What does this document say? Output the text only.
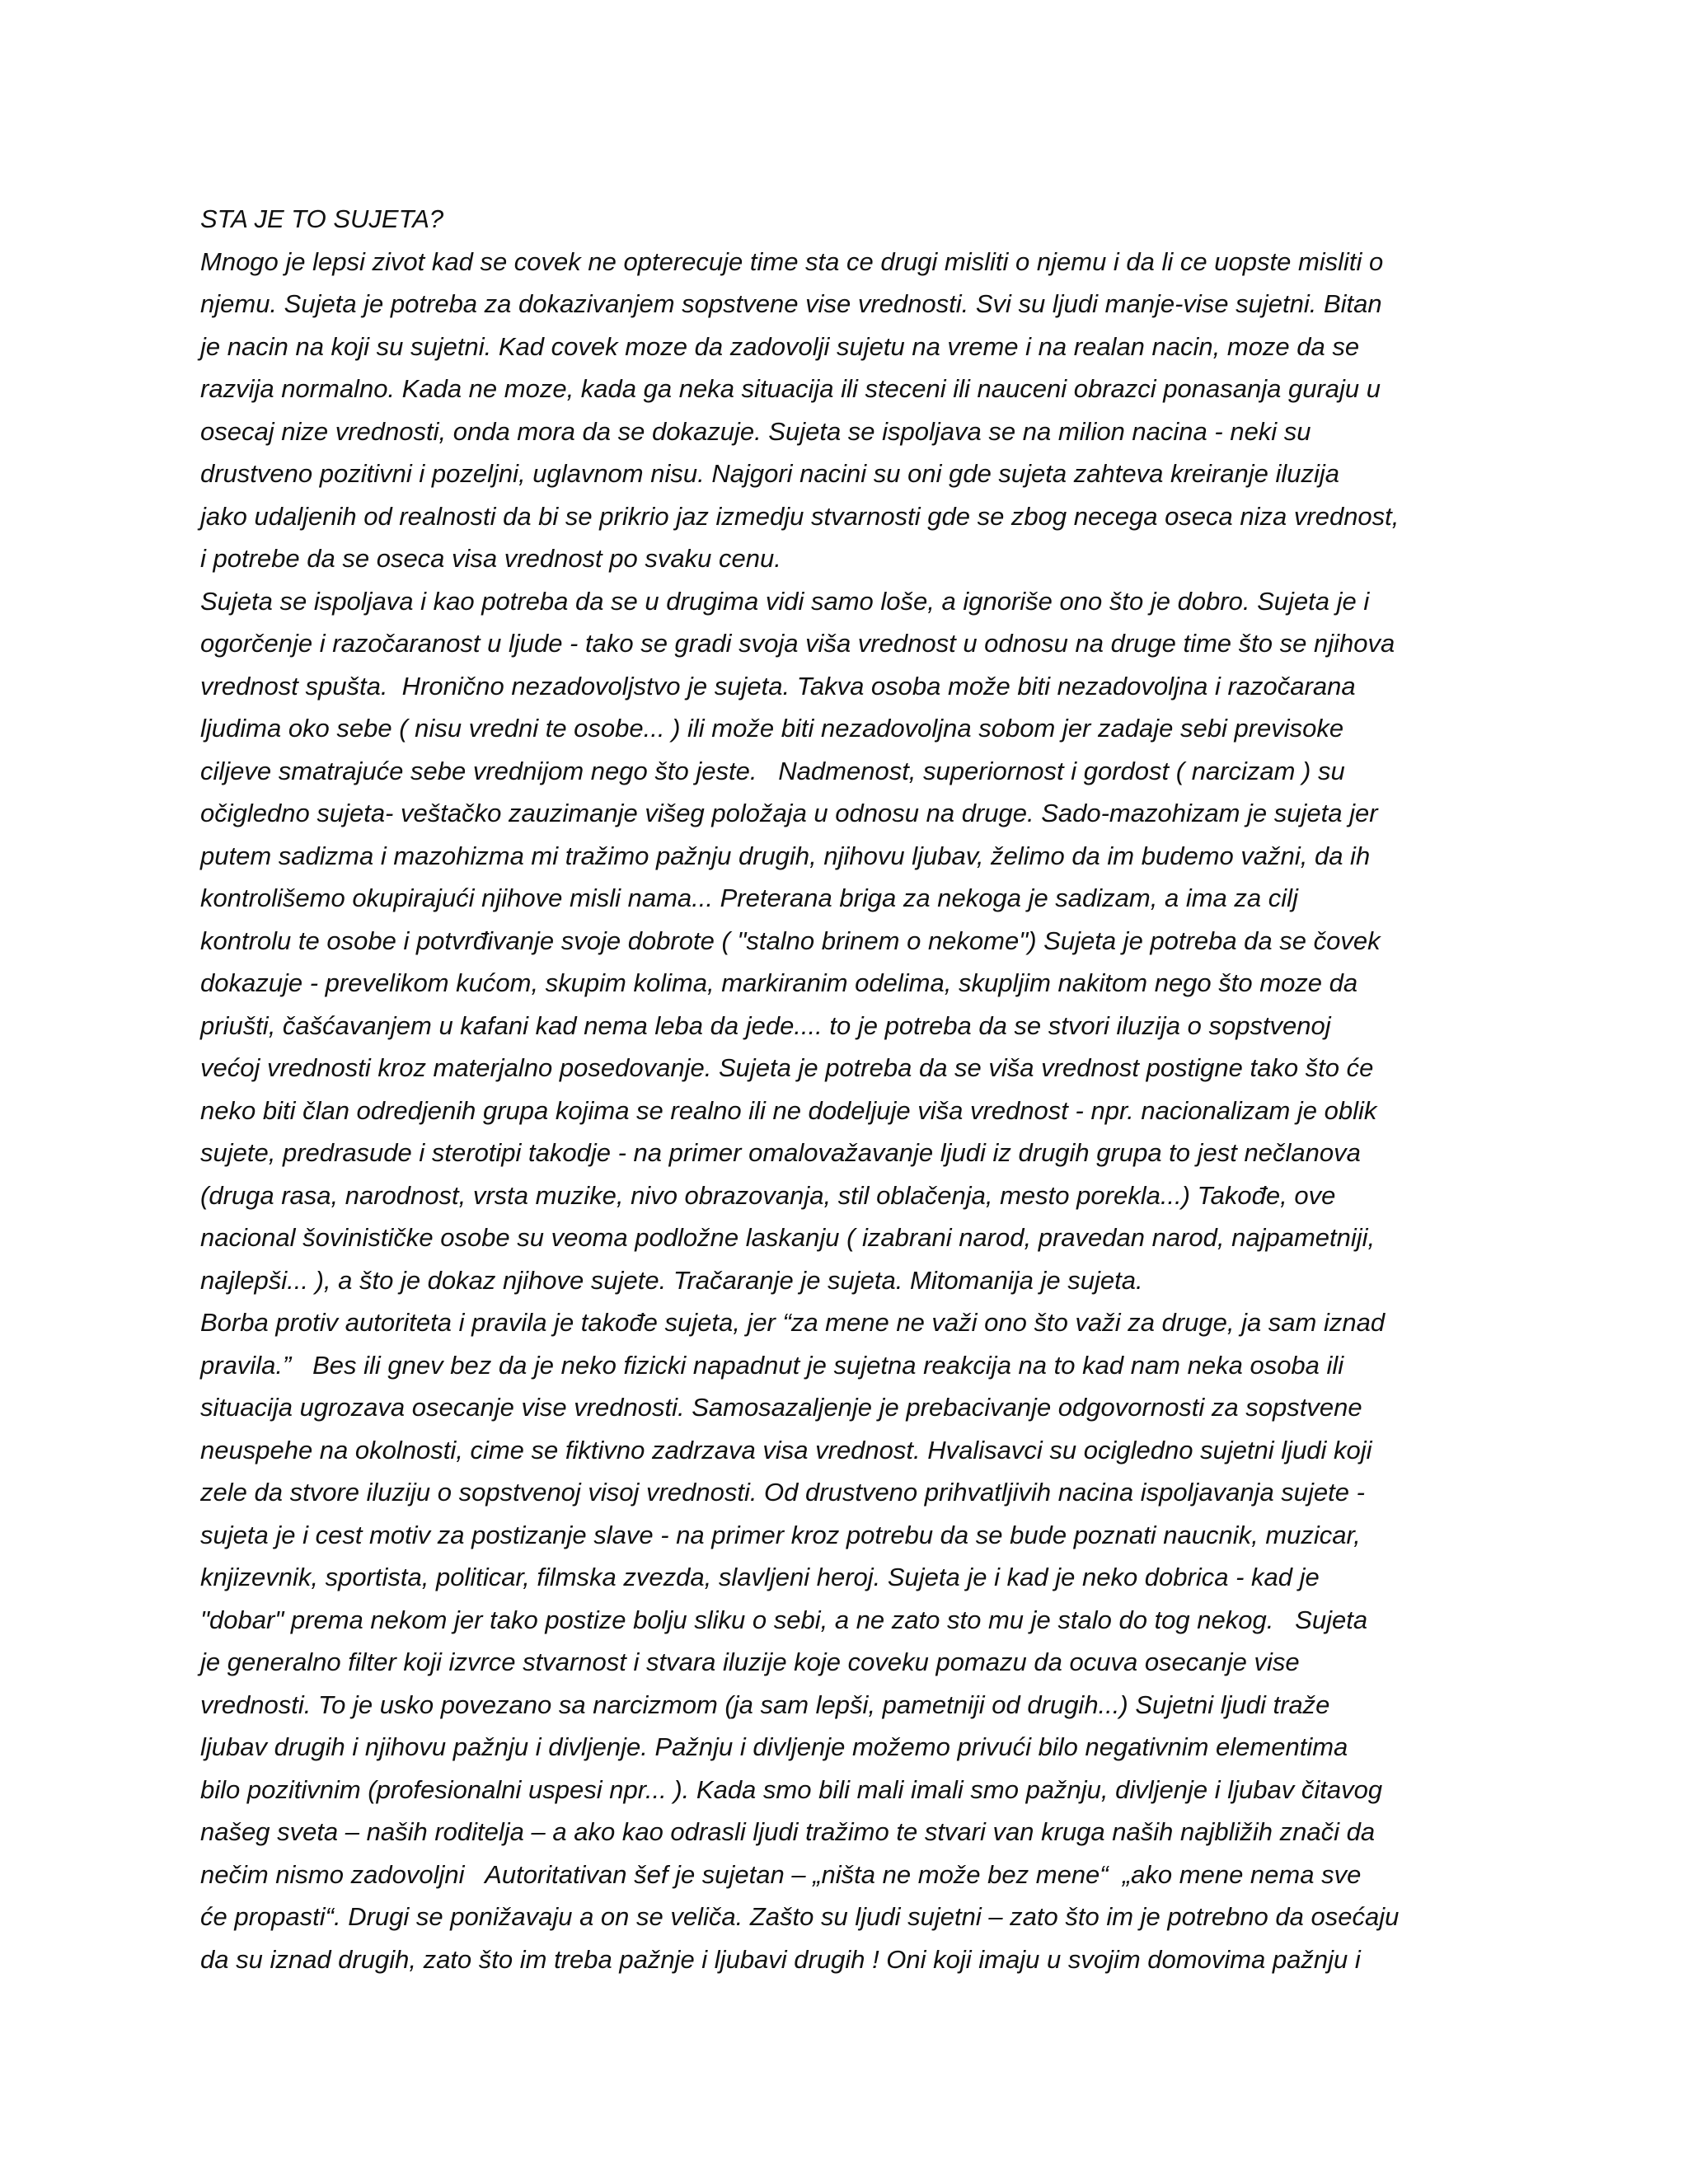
STA JE TO SUJETA?
Mnogo je lepsi zivot kad se covek ne opterecuje time sta ce drugi misliti o njemu i da li ce uopste misliti o
njemu. Sujeta je potreba za dokazivanjem sopstvene vise vrednosti. Svi su ljudi manje-vise sujetni. Bitan
je nacin na koji su sujetni. Kad covek moze da zadovolji sujetu na vreme i na realan nacin, moze da se
razvija normalno. Kada ne moze, kada ga neka situacija ili steceni ili nauceni obrazci ponasanja guraju u
osecaj nize vrednosti, onda mora da se dokazuje. Sujeta se ispoljava se na milion nacina - neki su
drustveno pozitivni i pozeljni, uglavnom nisu. Najgori nacini su oni gde sujeta zahteva kreiranje iluzija
jako udaljenih od realnosti da bi se prikrio jaz izmedju stvarnosti gde se zbog necega oseca niza vrednost,
i potrebe da se oseca visa vrednost po svaku cenu.
Sujeta se ispoljava i kao potreba da se u drugima vidi samo loše, a ignoriše ono što je dobro. Sujeta je i
ogorčenje i razočaranost u ljude - tako se gradi svoja viša vrednost u odnosu na druge time što se njihova
vrednost spušta.  Hronično nezadovoljstvo je sujeta. Takva osoba može biti nezadovoljna i razočarana
ljudima oko sebe ( nisu vredni te osobe... ) ili može biti nezadovoljna sobom jer zadaje sebi previsoke
ciljeve smatrajuće sebe vrednijom nego što jeste.   Nadmenost, superiornost i gordost ( narcizam ) su
očigledno sujeta- veštačko zauzimanje višeg položaja u odnosu na druge. Sado-mazohizam je sujeta jer
putem sadizma i mazohizma mi tražimo pažnju drugih, njihovu ljubav, želimo da im budemo važni, da ih
kontrolišemo okupirajući njihove misli nama... Preterana briga za nekoga je sadizam, a ima za cilj
kontrolu te osobe i potvrđivanje svoje dobrote ( "stalno brinem o nekome") Sujeta je potreba da se čovek
dokazuje - prevelikom kućom, skupim kolima, markiranim odelima, skupljim nakitom nego što moze da
priušti, čašćavanjem u kafani kad nema leba da jede.... to je potreba da se stvori iluzija o sopstvenoj
većoj vrednosti kroz materjalno posedovanje. Sujeta je potreba da se viša vrednost postigne tako što će
neko biti član odredjenih grupa kojima se realno ili ne dodeljuje viša vrednost - npr. nacionalizam je oblik
sujete, predrasude i sterotipi takodje - na primer omalovažavanje ljudi iz drugih grupa to jest nečlanova
(druga rasa, narodnost, vrsta muzike, nivo obrazovanja, stil oblačenja, mesto porekla...) Takođe, ove
nacional šovinističke osobe su veoma podložne laskanju ( izabrani narod, pravedan narod, najpametniji,
najlepši... ), a što je dokaz njihove sujete. Tračaranje je sujeta. Mitomanija je sujeta.
Borba protiv autoriteta i pravila je takođe sujeta, jer “za mene ne važi ono što važi za druge, ja sam iznad
pravila.”   Bes ili gnev bez da je neko fizicki napadnut je sujetna reakcija na to kad nam neka osoba ili
situacija ugrozava osecanje vise vrednosti. Samosazaljenje je prebacivanje odgovornosti za sopstvene
neuspehe na okolnosti, cime se fiktivno zadrzava visa vrednost. Hvalisavci su ocigledno sujetni ljudi koji
zele da stvore iluziju o sopstvenoj visoj vrednosti. Od drustveno prihvatljivih nacina ispoljavanja sujete -
sujeta je i cest motiv za postizanje slave - na primer kroz potrebu da se bude poznati naucnik, muzicar,
knjizevnik, sportista, politicar, filmska zvezda, slavljeni heroj. Sujeta je i kad je neko dobrica - kad je
"dobar" prema nekom jer tako postize bolju sliku o sebi, a ne zato sto mu je stalo do tog nekog.   Sujeta
je generalno filter koji izvrce stvarnost i stvara iluzije koje coveku pomazu da ocuva osecanje vise
vrednosti. To je usko povezano sa narcizmom (ja sam lepši, pametniji od drugih...) Sujetni ljudi traže
ljubav drugih i njihovu pažnju i divljenje. Pažnju i divljenje možemo privući bilo negativnim elementima
bilo pozitivnim (profesionalni uspesi npr... ). Kada smo bili mali imali smo pažnju, divljenje i ljubav čitavog
našeg sveta – naših roditelja – a ako kao odrasli ljudi tražimo te stvari van kruga naših najbližih znači da
nečim nismo zadovoljni   Autoritativan šef je sujetan – „ništa ne može bez mene“  „ako mene nema sve
će propasti“. Drugi se ponižavaju a on se veliča. Zašto su ljudi sujetni – zato što im je potrebno da osećaju
da su iznad drugih, zato što im treba pažnje i ljubavi drugih ! Oni koji imaju u svojim domovima pažnju i
